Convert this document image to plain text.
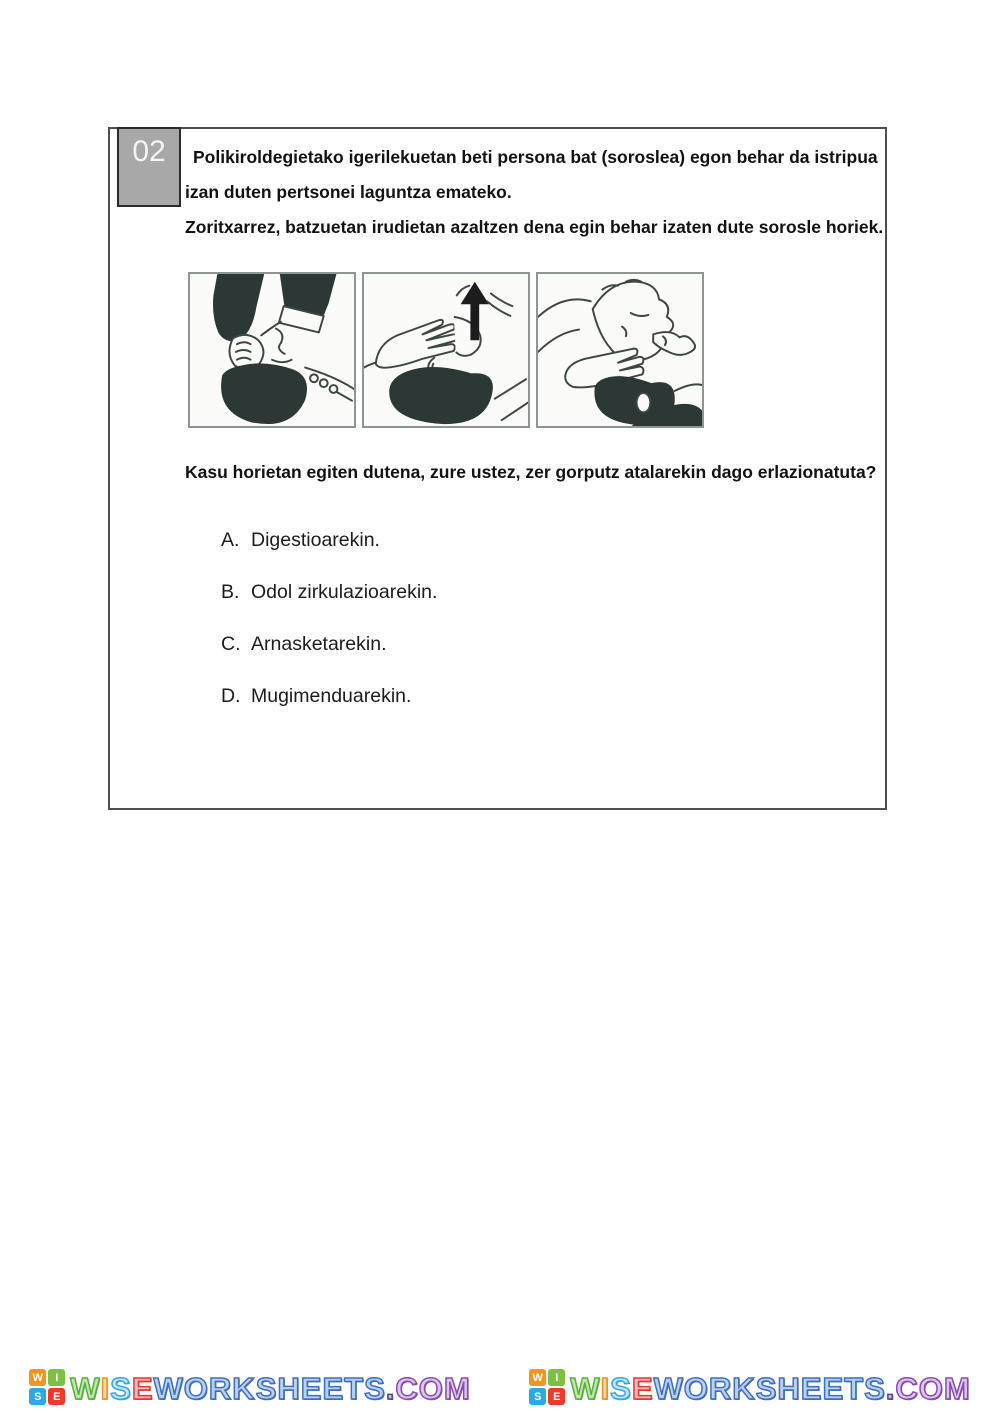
02	Polikiroldegietako igerilekuetan beti persona bat (soroslea) egon behar da istripua izan duten pertsonei laguntza emateko.

Zoritxarrez, batzuetan irudietan azaltzen dena egin behar izaten dute sorosle horiek.

Kasu horietan egiten dutena, zure ustez, zer gorputz atalarekin dago erlazionatuta?
A. Digestioarekin.
B. Odol zirkulazioarekin.
C. Arnasketarekin.
D. Mugimenduarekin.
W	I
S	E WISEWORKSHEETS.COM	W	I
S	E WISEWORKSHEETS.COM
